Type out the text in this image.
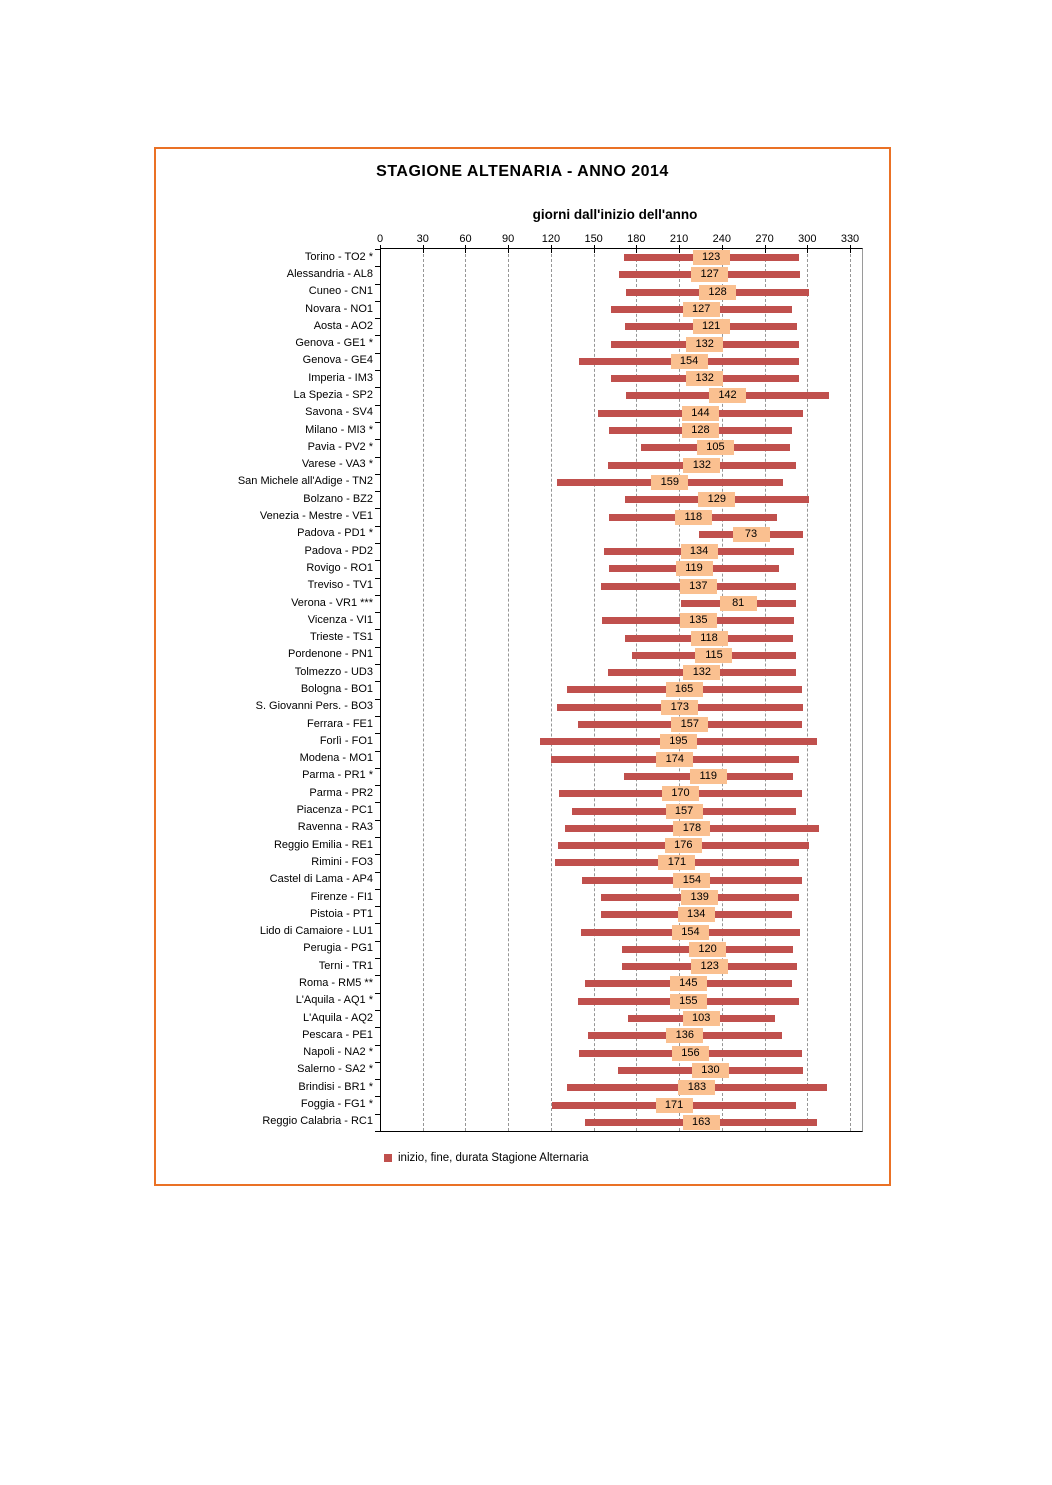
STAGIONE ALTENARIA - ANNO 2014
giorni dall'inizio dell'anno
0	30	60	90 120 150 180 210 240 270 300 330
Torino - TO2 *
Alessandria - AL8
Cuneo - CN1
Novara - NO1
Aosta - AO2
Genova - GE1 *
Genova - GE4
Imperia - IM3
La Spezia - SP2
Savona - SV4
Milano - MI3 *
Pavia - PV2 *
Varese - VA3 *
San Michele all'Adige - TN2
Bolzano - BZ2
Venezia - Mestre - VE1
Padova - PD1 *
Padova - PD2
Rovigo - RO1
Treviso - TV1
Verona - VR1 ***
Vicenza - VI1
Trieste - TS1
Pordenone - PN1
Tolmezzo - UD3
Bologna - BO1
S. Giovanni Pers. - BO3
Ferrara - FE1
Forlì - FO1
Modena - MO1
Parma - PR1 *
Parma - PR2
Piacenza - PC1
Ravenna - RA3
Reggio Emilia - RE1
Rimini - FO3
Castel di Lama - AP4
Firenze - FI1
Pistoia - PT1
Lido di Camaiore - LU1
Perugia - PG1
Terni - TR1
Roma - RM5 **
L'Aquila - AQ1 *
L'Aquila - AQ2
Pescara - PE1
Napoli - NA2 *
Salerno - SA2 *
Brindisi - BR1 *
Foggia - FG1 *
Reggio Calabria - RC1
123
127
128
127
121
132
154
132
142
144
128
105
132
159
129
118
73
134
119
137
81
135
118
115
132
165
173
157
195
174
119
170
157
178
176
171
154
139
134
154
120
123
145
155
103
136
156
130
183
171
163
inizio, fine, durata Stagione Alternaria
